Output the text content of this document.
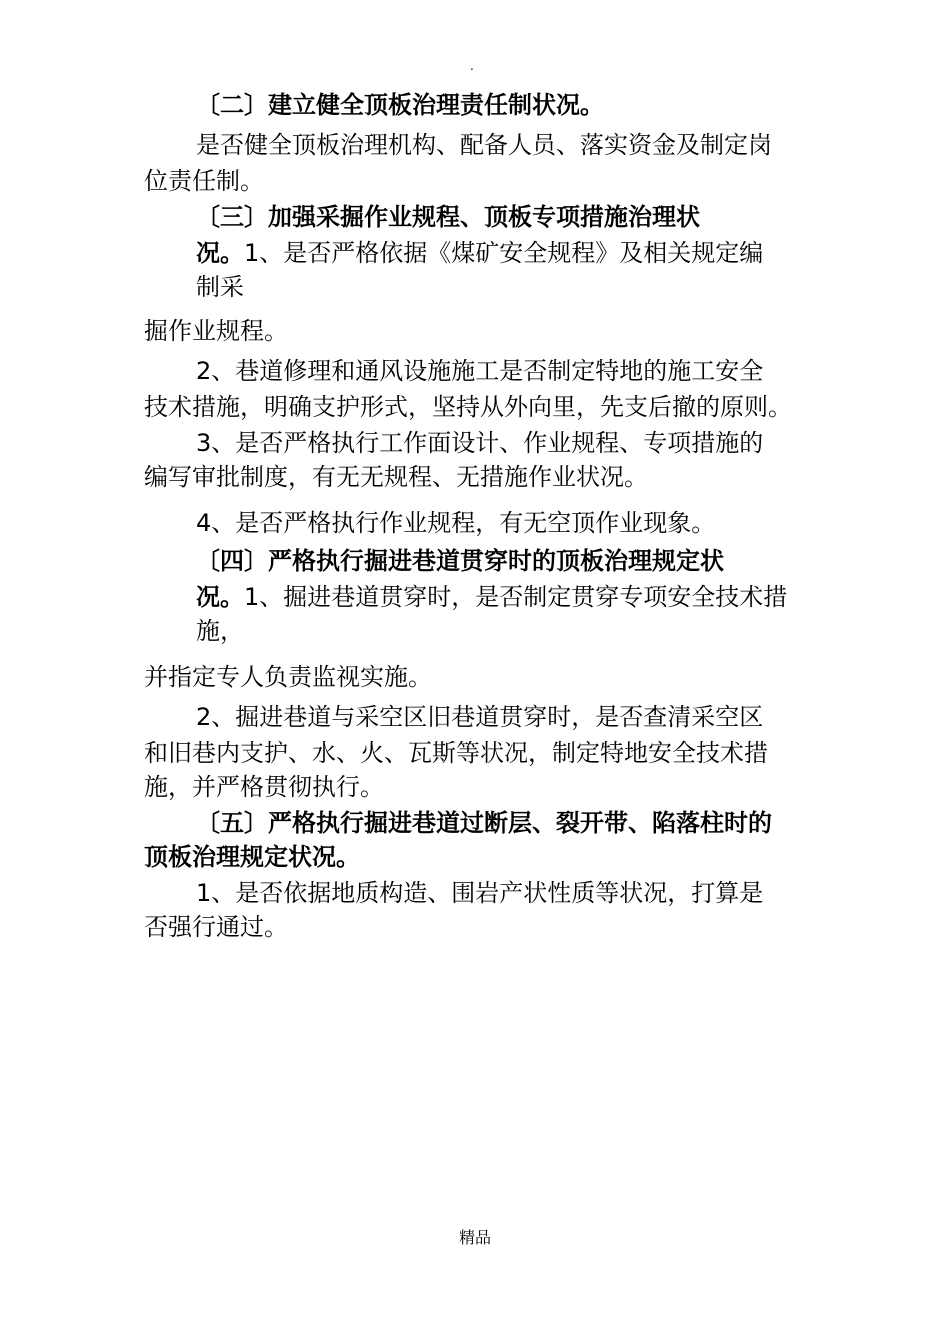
.
〔二〕建立健全顶板治理责任制状况。
是否健全顶板治理机构、配备人员、落实资金及制定岗
位责任制。
〔三〕加强采掘作业规程、顶板专项措施治理状
况。1、是否严格依据《煤矿安全规程》及相关规定编
制采
掘作业规程。
2、巷道修理和通风设施施工是否制定特地的施工安全
技术措施，明确支护形式，坚持从外向里，先支后撤的原则。
3、是否严格执行工作面设计、作业规程、专项措施的
编写审批制度，有无无规程、无措施作业状况。
4、是否严格执行作业规程，有无空顶作业现象。
〔四〕严格执行掘进巷道贯穿时的顶板治理规定状
况。1、掘进巷道贯穿时，是否制定贯穿专项安全技术措
施，
并指定专人负责监视实施。
2、掘进巷道与采空区旧巷道贯穿时，是否查清采空区
和旧巷内支护、水、火、瓦斯等状况，制定特地安全技术措
施，并严格贯彻执行。
〔五〕严格执行掘进巷道过断层、裂开带、陷落柱时的
顶板治理规定状况。
1、是否依据地质构造、围岩产状性质等状况，打算是
否强行通过。
精品
